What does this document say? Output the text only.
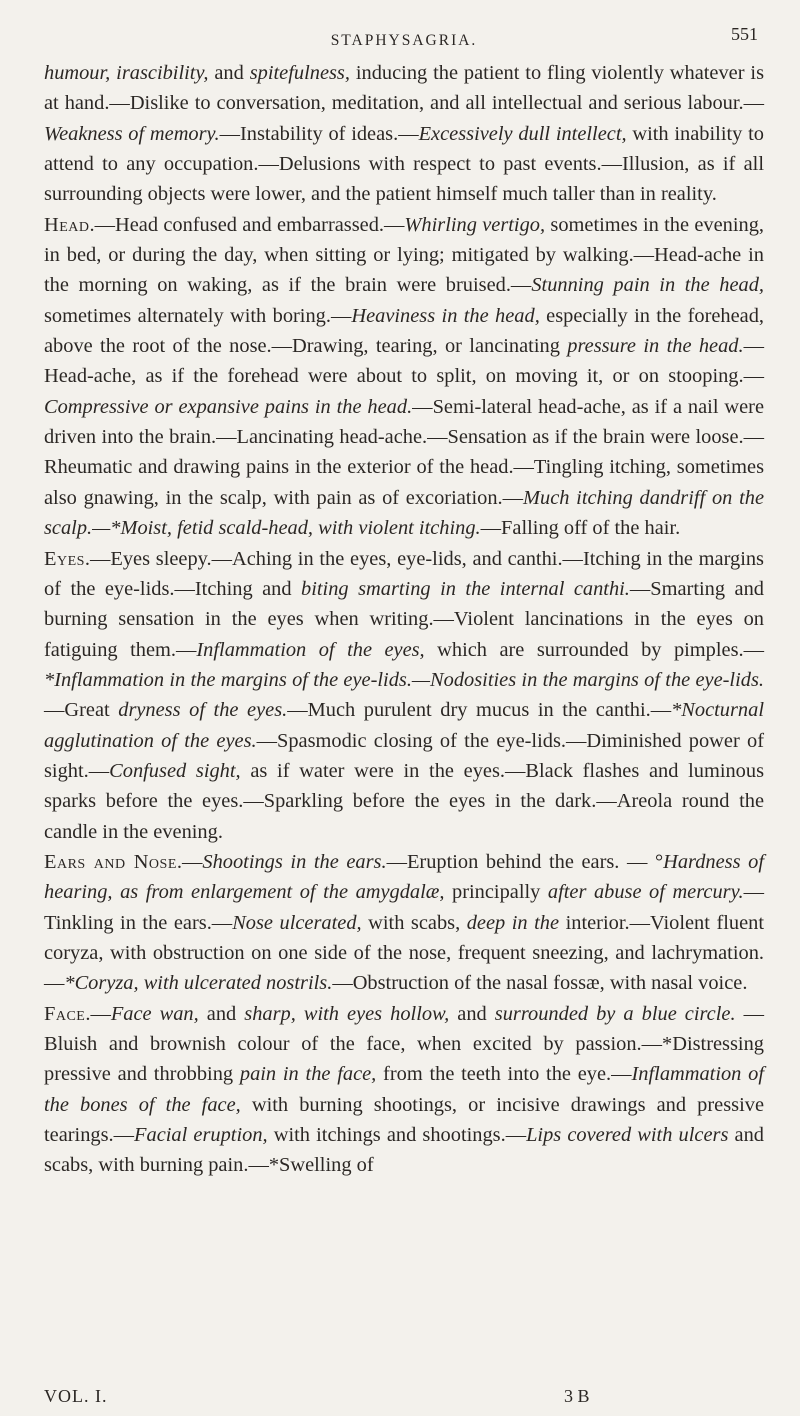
STAPHYSAGRIA.	551

humour, irascibility, and spitefulness, inducing the patient to fling violently whatever is at hand.—Dislike to conversation, meditation, and all intellectual and serious labour.—Weakness of memory.—Instability of ideas.—Excessively dull intellect, with inability to attend to any occupation.—Delusions with respect to past events.—Illusion, as if all surrounding objects were lower, and the patient himself much taller than in reality.

Head.—Head confused and embarrassed.—Whirling vertigo, sometimes in the evening, in bed, or during the day, when sitting or lying; mitigated by walking.—Head-ache in the morning on waking, as if the brain were bruised.—Stunning pain in the head, sometimes alternately with boring.—Heaviness in the head, especially in the forehead, above the root of the nose.—Drawing, tearing, or lancinating pressure in the head.—Head-ache, as if the forehead were about to split, on moving it, or on stooping.—Compressive or expansive pains in the head.—Semi-lateral head-ache, as if a nail were driven into the brain.—Lancinating head-ache.—Sensation as if the brain were loose.—Rheumatic and drawing pains in the exterior of the head.—Tingling itching, sometimes also gnawing, in the scalp, with pain as of excoriation.—Much itching dandriff on the scalp.—*Moist, fetid scald-head, with violent itching.—Falling off of the hair.

Eyes.—Eyes sleepy.—Aching in the eyes, eye-lids, and canthi.—Itching in the margins of the eye-lids.—Itching and biting smarting in the internal canthi.—Smarting and burning sensation in the eyes when writing.—Violent lancinations in the eyes on fatiguing them.—Inflammation of the eyes, which are surrounded by pimples.—*Inflammation in the margins of the eye-lids.—Nodosities in the margins of the eye-lids.—Great dryness of the eyes.—Much purulent dry mucus in the canthi.—*Nocturnal agglutination of the eyes.—Spasmodic closing of the eye-lids.—Diminished power of sight.—Confused sight, as if water were in the eyes.—Black flashes and luminous sparks before the eyes.—Sparkling before the eyes in the dark.—Areola round the candle in the evening.

Ears and Nose.—Shootings in the ears.—Eruption behind the ears. — °Hardness of hearing, as from enlargement of the amygdalæ, principally after abuse of mercury.—Tinkling in the ears.—Nose ulcerated, with scabs, deep in the interior.—Violent fluent coryza, with obstruction on one side of the nose, frequent sneezing, and lachrymation.—*Coryza, with ulcerated nostrils.—Obstruction of the nasal fossæ, with nasal voice.

Face.—Face wan, and sharp, with eyes hollow, and surrounded by a blue circle. —Bluish and brownish colour of the face, when excited by passion.—*Distressing pressive and throbbing pain in the face, from the teeth into the eye.—Inflammation of the bones of the face, with burning shootings, or incisive drawings and pressive tearings.—Facial eruption, with itchings and shootings.—Lips covered with ulcers and scabs, with burning pain.—*Swelling of

VOL. I.	3 B
